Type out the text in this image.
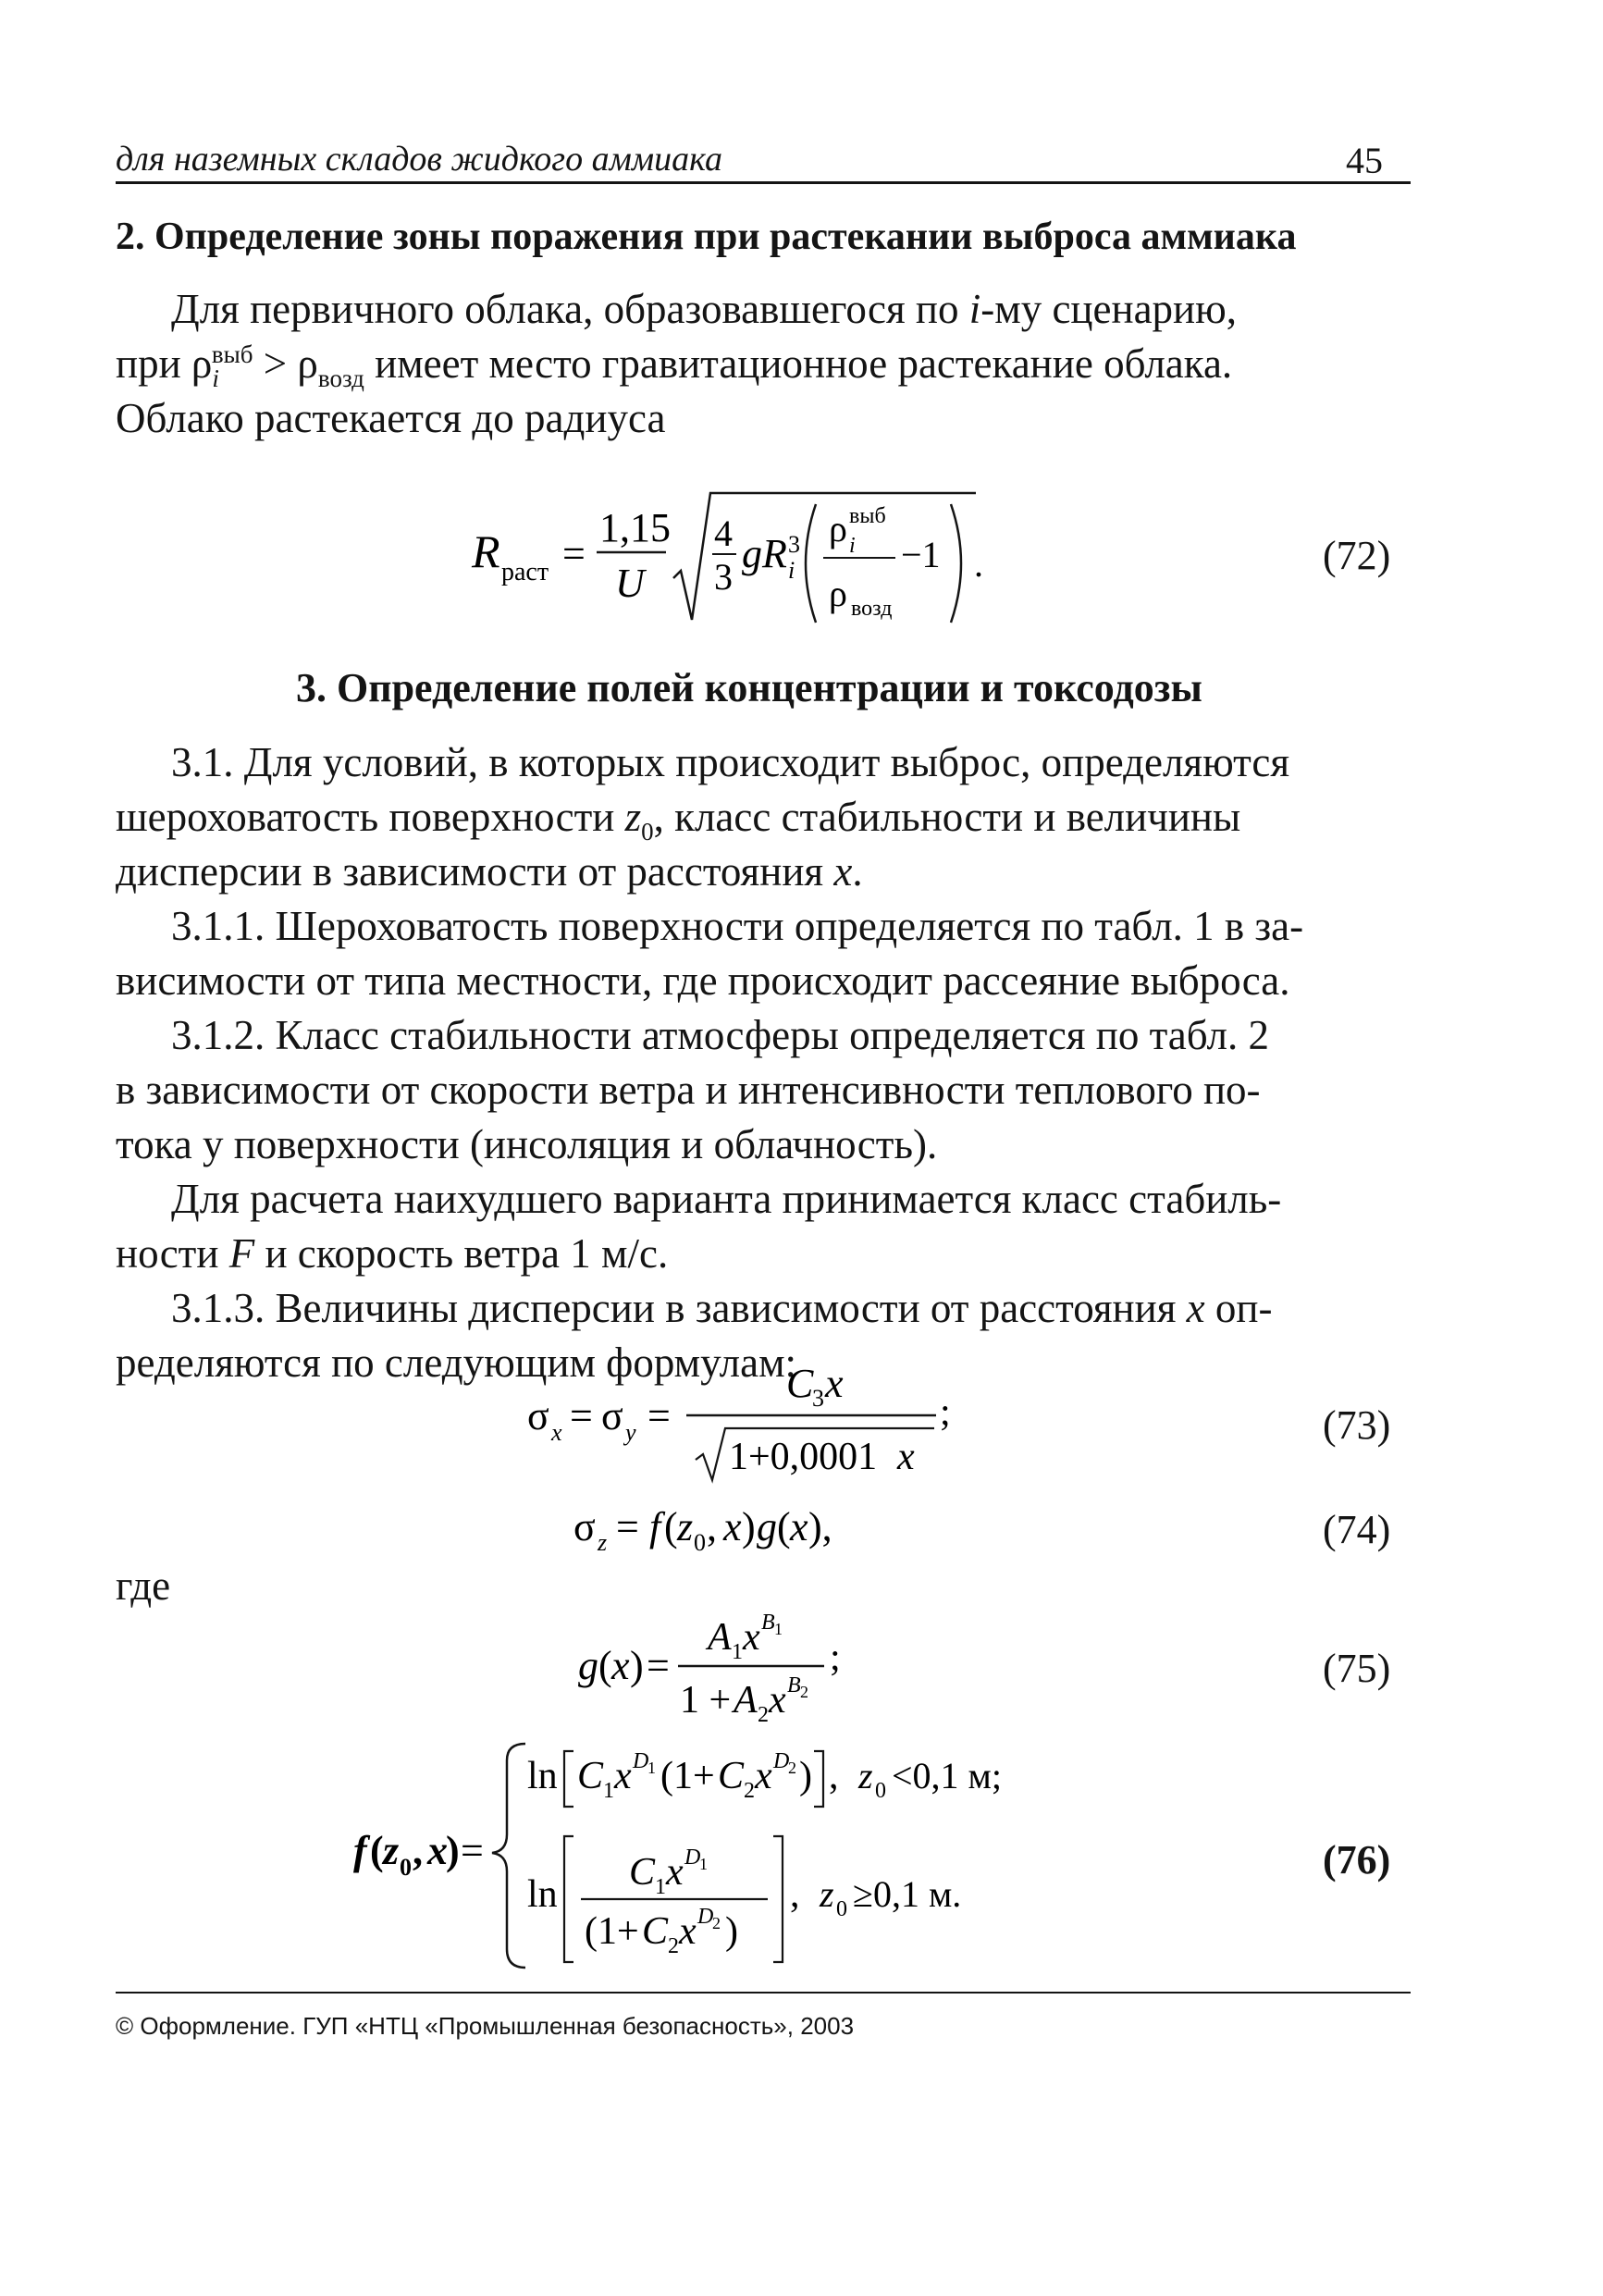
для наземных складов жидкого аммиака	45
2. Определение зоны поражения при растекании выброса аммиака
Для первичного облака, образовавшегося по i-му сценарию,
при $\rho_i^{выб} > \rho_{возд}$ имеет место гравитационное растекание облака.
Облако растекается до радиуса
R раст =
1,15
U
4
3
gR 3
i
ρ выб
i −1
ρ возд
.	(72)
3. Определение полей концентрации и токсодозы
3.1. Для условий, в которых происходит выброс, определяются
шероховатость поверхности $z_0$, класс стабильности и величины
дисперсии в зависимости от расстояния x.
3.1.1. Шероховатость поверхности определяется по табл. 1 в за-
висимости от типа местности, где происходит рассеяние выброса.
3.1.2. Класс стабильности атмосферы определяется по табл. 2
в зависимости от скорости ветра и интенсивности теплового по-
тока у поверхности (инсоляция и облачность).
Для расчета наихудшего варианта принимается класс стабиль-
ности F и скорость ветра 1 м/с.
3.1.3. Величины дисперсии в зависимости от расстояния x оп-
ределяются по следующим формулам:
σ x = σ y =
C
3 x
1+0,0001 x
;	(73)
σ z = f ( z 0 , x ) g ( x ),	(74)
где
g ( x ) =
A 1 x B 1
1 + A 2 x B 2
;	(75)
f ( z 0 , x
) =
ln C 1 x D
1 (1+ C 2 x D
2 ) , z 0 <0,1 м;
ln
C 1 x D
1
(1+ C 2 x D
2 )
, z 0 ≥0,1 м.
(76)
© Оформление. ГУП «НТЦ «Промышленная безопасность», 2003
